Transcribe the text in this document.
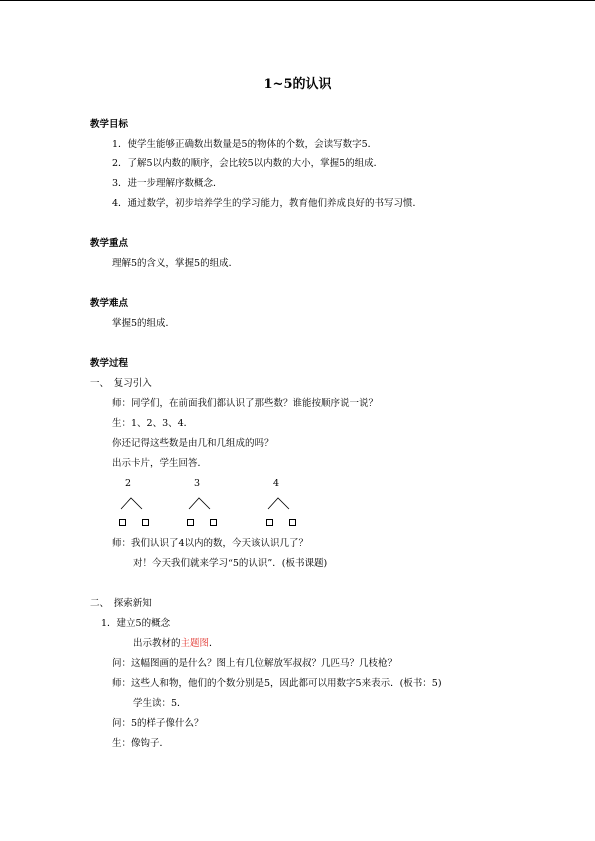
1~5的认识
教学目标
1．使学生能够正确数出数量是5的物体的个数，会读写数字5．
2．了解5以内数的顺序，会比较5以内数的大小，掌握5的组成．
3．进一步理解序数概念．
4．通过数学，初步培养学生的学习能力，教育他们养成良好的书写习惯．
教学重点
理解5的含义，掌握5的组成．
教学难点
掌握5的组成．
教学过程
一、　复习引入
师：同学们，在前面我们都认识了那些数？谁能按顺序说一说？
生：1、2、3、4．
你还记得这些数是由几和几组成的吗？
出示卡片，学生回答．
2	3	4
师：我们认识了4以内的数，今天该认识几了？
对！今天我们就来学习“5的认识”．(板书课题)
二、　探索新知
1．建立5的概念
出示教材的主题图．
问：这幅图画的是什么？图上有几位解放军叔叔？几匹马？几枝枪？
师：这些人和物，他们的个数分别是5，因此都可以用数字5来表示．(板书：5)
学生读：5．
问：5的样子像什么？
生：像钩子．
